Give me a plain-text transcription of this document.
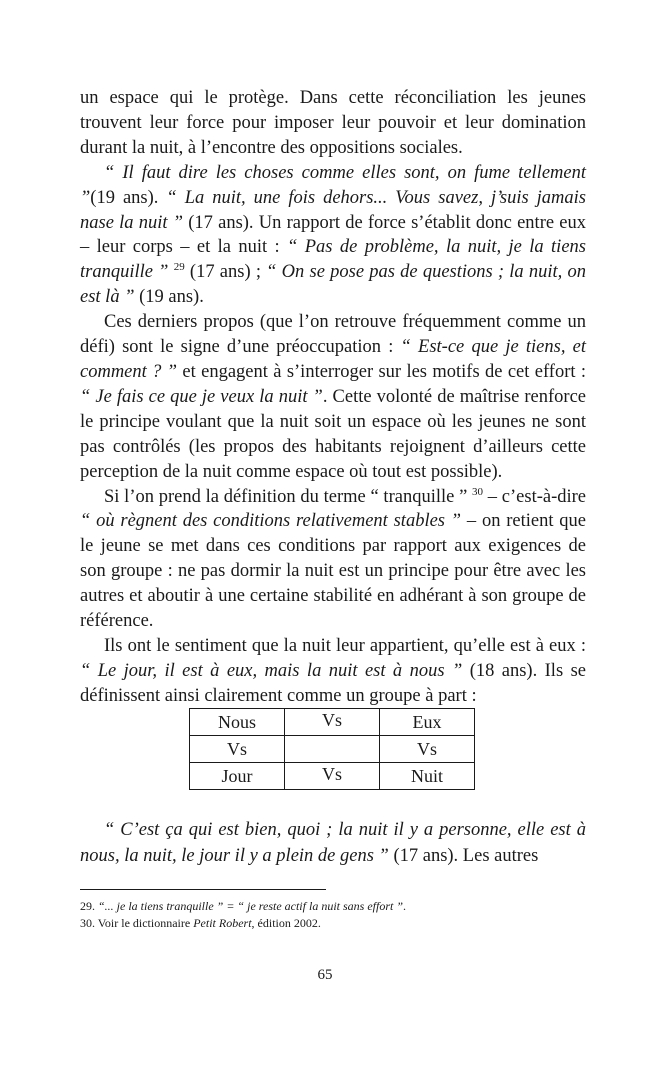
un espace qui le protège. Dans cette réconciliation les jeunes trouvent leur force pour imposer leur pouvoir et leur domination durant la nuit, à l’encontre des oppositions sociales.

“ Il faut dire les choses comme elles sont, on fume tellement ”(19 ans). “ La nuit, une fois dehors... Vous savez, j’suis jamais nase la nuit ” (17 ans). Un rapport de force s’établit donc entre eux – leur corps – et la nuit : “ Pas de problème, la nuit, je la tiens tranquille ” $^{29}$ (17 ans) ; “ On se pose pas de questions ; la nuit, on est là ” (19 ans).

Ces derniers propos (que l’on retrouve fréquemment comme un défi) sont le signe d’une préoccupation : “ Est-ce que je tiens, et comment ? ” et engagent à s’interroger sur les motifs de cet effort : “ Je fais ce que je veux la nuit ”. Cette volonté de maîtrise renforce le principe voulant que la nuit soit un espace où les jeunes ne sont pas contrôlés (les propos des habitants rejoignent d’ailleurs cette perception de la nuit comme espace où tout est possible).

Si l’on prend la définition du terme “ tranquille ” $^{30}$ – c’est-à-dire “ où règnent des conditions relativement stables ” – on retient que le jeune se met dans ces conditions par rapport aux exigences de son groupe : ne pas dormir la nuit est un principe pour être avec les autres et aboutir à une certaine stabilité en adhérant à son groupe de référence.

Ils ont le sentiment que la nuit leur appartient, qu’elle est à eux : “ Le jour, il est à eux, mais la nuit est à nous ” (18 ans). Ils se définissent ainsi clairement comme un groupe à part :

Nous	Vs	Eux
Vs		Vs
Jour	Vs	Nuit

“ C’est ça qui est bien, quoi ; la nuit il y a personne, elle est à nous, la nuit, le jour il y a plein de gens ” (17 ans). Les autres

29. “... je la tiens tranquille ” = “ je reste actif la nuit sans effort ”.
30. Voir le dictionnaire Petit Robert, édition 2002.
65
